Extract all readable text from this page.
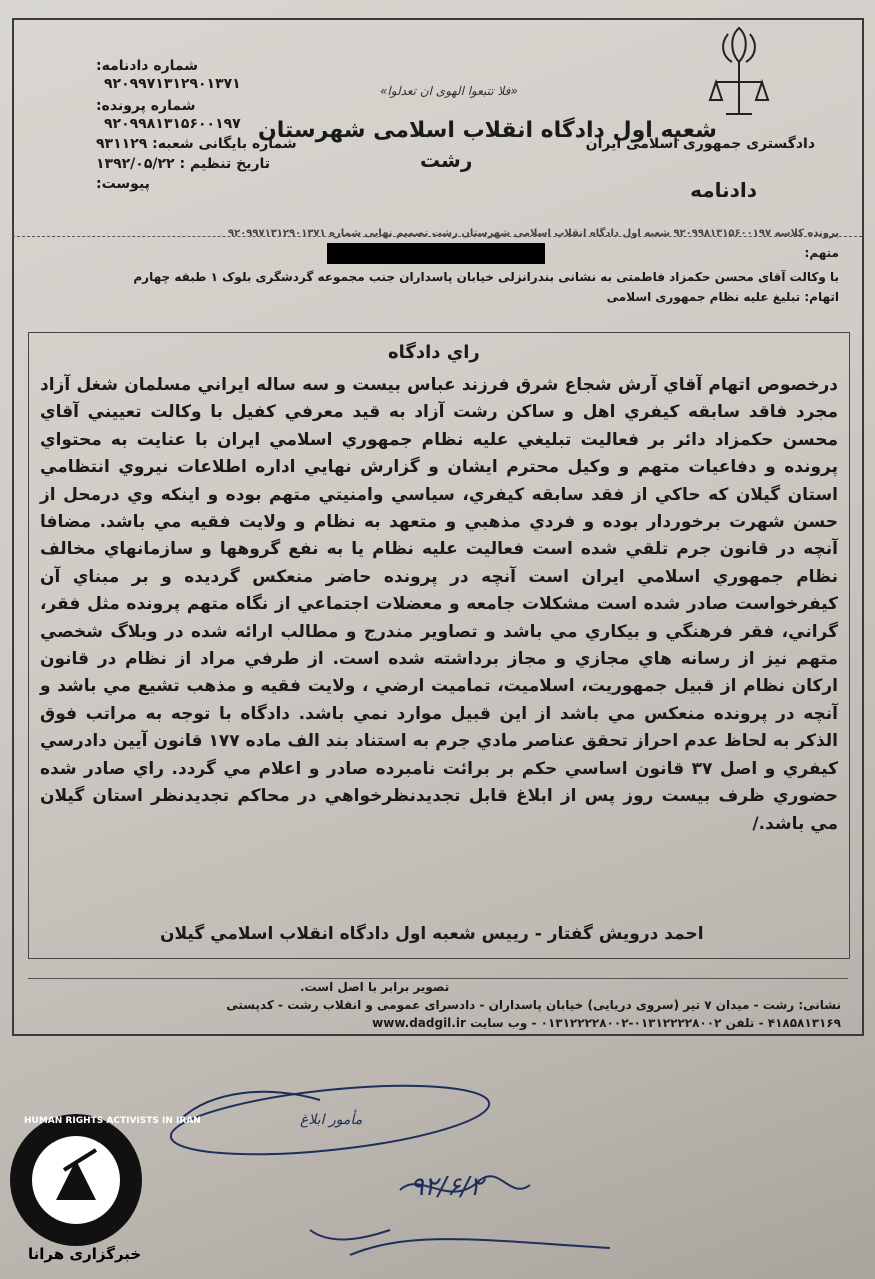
دادگستری جمهوری اسلامی ایران
دادنامه
«فلا تتبعوا الهوی ان تعدلوا»
شعبه اول دادگاه انقلاب اسلامی شهرستان
رشت
شماره دادنامه:
۹۲۰۹۹۷۱۳۱۲۹۰۱۳۷۱
شماره پرونده:
۹۲۰۹۹۸۱۳۱۵۶۰۰۱۹۷
شماره بایگانی شعبه: ۹۳۱۱۲۹
تاریخ تنظیم : ۱۳۹۲/۰۵/۲۲
پیوست:
پرونده کلاسه ۹۲۰۹۹۸۱۳۱۵۶۰۰۱۹۷ شعبه اول دادگاه انقلاب اسلامی شهرستان رشت تصمیم نهایی شماره ۹۲۰۹۹۷۱۳۱۲۹۰۱۳۷۱
متهم:
با وکالت آقای محسن حکمزاد فاطمتی به نشانی بندرانزلی خیابان پاسداران جنب مجموعه گردشگری بلوک ۱ طبقه چهارم
اتهام: تبلیغ علیه نظام جمهوری اسلامی
راي دادگاه
درخصوص اتهام آقاي آرش شجاع شرق فرزند عباس بيست و سه ساله ايراني مسلمان شغل آزاد مجرد فاقد سابقه كيفري اهل و ساكن رشت آزاد به قيد معرفي كفيل با وكالت تعييني آقاي محسن حكمزاد دائر بر فعاليت تبليغي عليه نظام جمهوري اسلامي ايران با عنايت به محتواي پرونده و دفاعيات متهم و وكيل محترم ايشان و گزارش نهايي اداره اطلاعات نيروي انتظامي استان گيلان كه حاكي از فقد سابقه كيفري، سياسي وامنيتي متهم بوده و اينكه وي درمحل از حسن شهرت برخوردار بوده و فردي مذهبي و متعهد به نظام و ولايت فقيه مي باشد. مضافا آنچه در قانون جرم تلقي شده است فعاليت عليه نظام يا به نفع گروهها و سازمانهاي مخالف نظام جمهوري اسلامي ايران است آنچه در پرونده حاضر منعكس گرديده و بر مبناي آن كيفرخواست صادر شده است مشكلات جامعه و معضلات اجتماعي از نگاه متهم پرونده مثل فقر، گراني، فقر فرهنگي و بيكاري مي باشد و تصاوير مندرج و مطالب ارائه شده در وبلاگ شخصي متهم نيز از رسانه هاي مجازي و مجاز برداشته شده است. از طرفي مراد از نظام در قانون اركان نظام از قبيل جمهوريت، اسلاميت، تماميت ارضي ، ولايت فقيه و مذهب تشيع مي باشد و آنچه در پرونده منعكس مي باشد از اين قبيل موارد نمي باشد. دادگاه با توجه به مراتب فوق الذكر به لحاظ عدم احراز تحقق عناصر مادي جرم به استناد بند الف ماده ۱۷۷ قانون آيين دادرسي كيفري و اصل ۳۷ قانون اساسي حكم بر برائت نامبرده صادر و اعلام مي گردد. راي صادر شده حضوري ظرف بيست روز پس از ابلاغ قابل تجديدنظرخواهي در محاكم تجديدنظر استان گيلان مي باشد./
احمد درويش گفتار - رييس شعبه اول دادگاه انقلاب اسلامي گيلان
تصویر برابر با اصل است.
نشانی: رشت - میدان ۷ تیر (سروی دریایی) خیابان پاسداران - دادسرای عمومی و انقلاب رشت - کدپستی
۴۱۸۵۸۱۳۱۶۹ - تلفن ۰۱۳۱۲۲۲۲۸۰۰۲-۰۱۳۱۲۲۲۲۸۰۰۲ - وب سایت www.dadgil.ir
مأمور ابلاغ
۹۲/۶/۲
HUMAN RIGHTS ACTIVISTS IN IRAN
خبرگزاری هرانا
